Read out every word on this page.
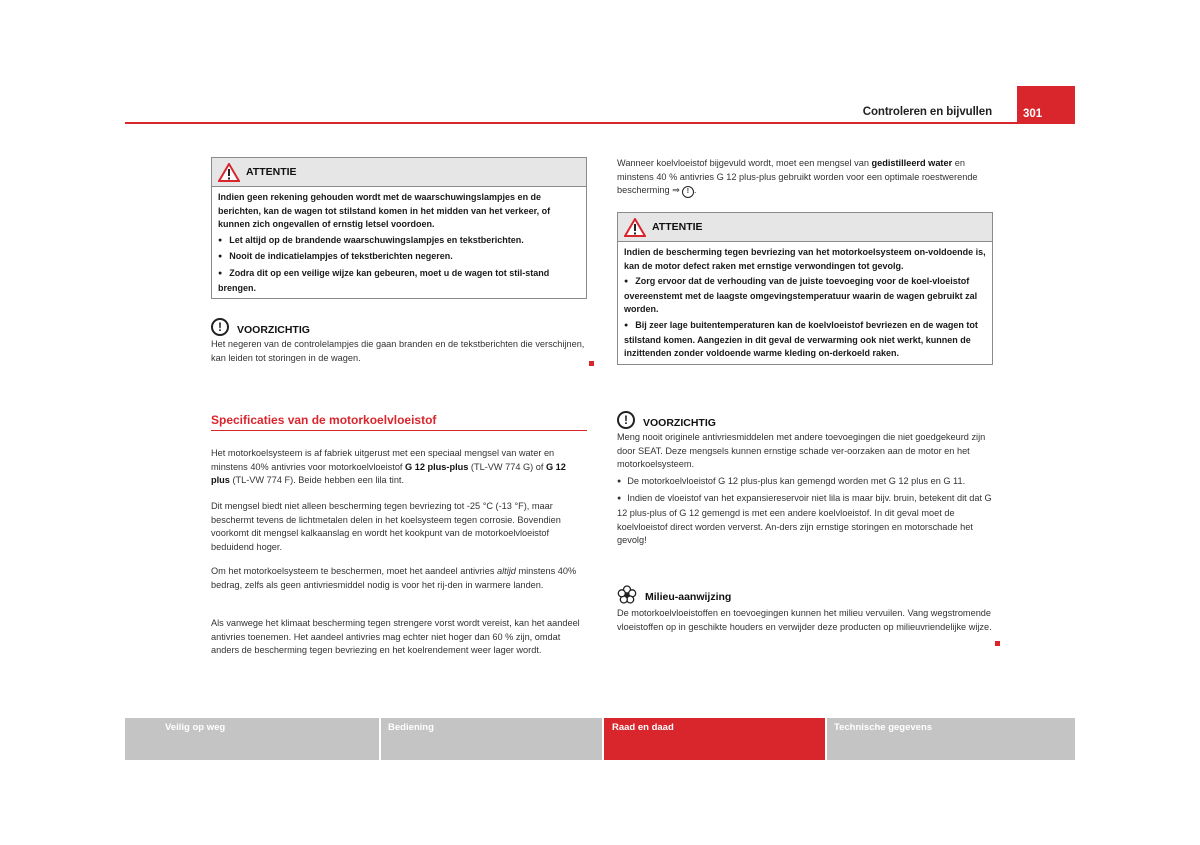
Controleren en bijvullen	301
ATTENTIE
Indien geen rekening gehouden wordt met de waarschuwingslampjes en de berichten, kan de wagen tot stilstand komen in het midden van het verkeer, of kunnen zich ongevallen of ernstig letsel voordoen.
● Let altijd op de brandende waarschuwingslampjes en tekstberichten.
● Nooit de indicatielampjes of tekstberichten negeren.
● Zodra dit op een veilige wijze kan gebeuren, moet u de wagen tot stil-stand brengen.
!	VOORZICHTIG
Het negeren van de controlelampjes die gaan branden en de tekstberichten die verschijnen, kan leiden tot storingen in de wagen.
Specificaties van de motorkoelvloeistof
Het motorkoelsysteem is af fabriek uitgerust met een speciaal mengsel van water en minstens 40% antivries voor motorkoelvloeistof G 12 plus-plus (TL-VW 774 G) of G 12 plus (TL-VW 774 F). Beide hebben een lila tint.
Dit mengsel biedt niet alleen bescherming tegen bevriezing tot -25 °C (-13 °F), maar beschermt tevens de lichtmetalen delen in het koelsysteem tegen corrosie. Bovendien voorkomt dit mengsel kalkaanslag en wordt het kookpunt van de motorkoelvloeistof beduidend hoger.
Om het motorkoelsysteem te beschermen, moet het aandeel antivries altijd minstens 40% bedrag, zelfs als geen antivriesmiddel nodig is voor het rij-den in warmere landen.
Als vanwege het klimaat bescherming tegen strengere vorst wordt vereist, kan het aandeel antivries toenemen. Het aandeel antivries mag echter niet hoger dan 60 % zijn, omdat anders de bescherming tegen bevriezing en het koelrendement weer lager wordt.
Wanneer koelvloeistof bijgevuld wordt, moet een mengsel van gedistilleerd water en minstens 40 % antivries G 12 plus-plus gebruikt worden voor een optimale roestwerende bescherming ⇒ ! .
ATTENTIE
Indien de bescherming tegen bevriezing van het motorkoelsysteem on-voldoende is, kan de motor defect raken met ernstige verwondingen tot gevolg.
● Zorg ervoor dat de verhouding van de juiste toevoeging voor de koel-vloeistof overeenstemt met de laagste omgevingstemperatuur waarin de wagen gebruikt zal worden.
● Bij zeer lage buitentemperaturen kan de koelvloeistof bevriezen en de wagen tot stilstand komen. Aangezien in dit geval de verwarming ook niet werkt, kunnen de inzittenden zonder voldoende warme kleding on-derkoeld raken.
!	VOORZICHTIG
Meng nooit originele antivriesmiddelen met andere toevoegingen die niet goedgekeurd zijn door SEAT. Deze mengsels kunnen ernstige schade ver-oorzaken aan de motor en het motorkoelsysteem.
● De motorkoelvloeistof G 12 plus-plus kan gemengd worden met G 12 plus en G 11.
● Indien de vloeistof van het expansiereservoir niet lila is maar bijv. bruin, betekent dit dat G 12 plus-plus of G 12 gemengd is met een andere koelvloeistof. In dit geval moet de koelvloeistof direct worden ververst. An-ders zijn ernstige storingen en motorschade het gevolg!
Milieu-aanwijzing
De motorkoelvloeistoffen en toevoegingen kunnen het milieu vervuilen. Vang wegstromende vloeistoffen op in geschikte houders en verwijder deze producten op milieuvriendelijke wijze.
Veilig op weg	Bediening	Raad en daad	Technische gegevens
